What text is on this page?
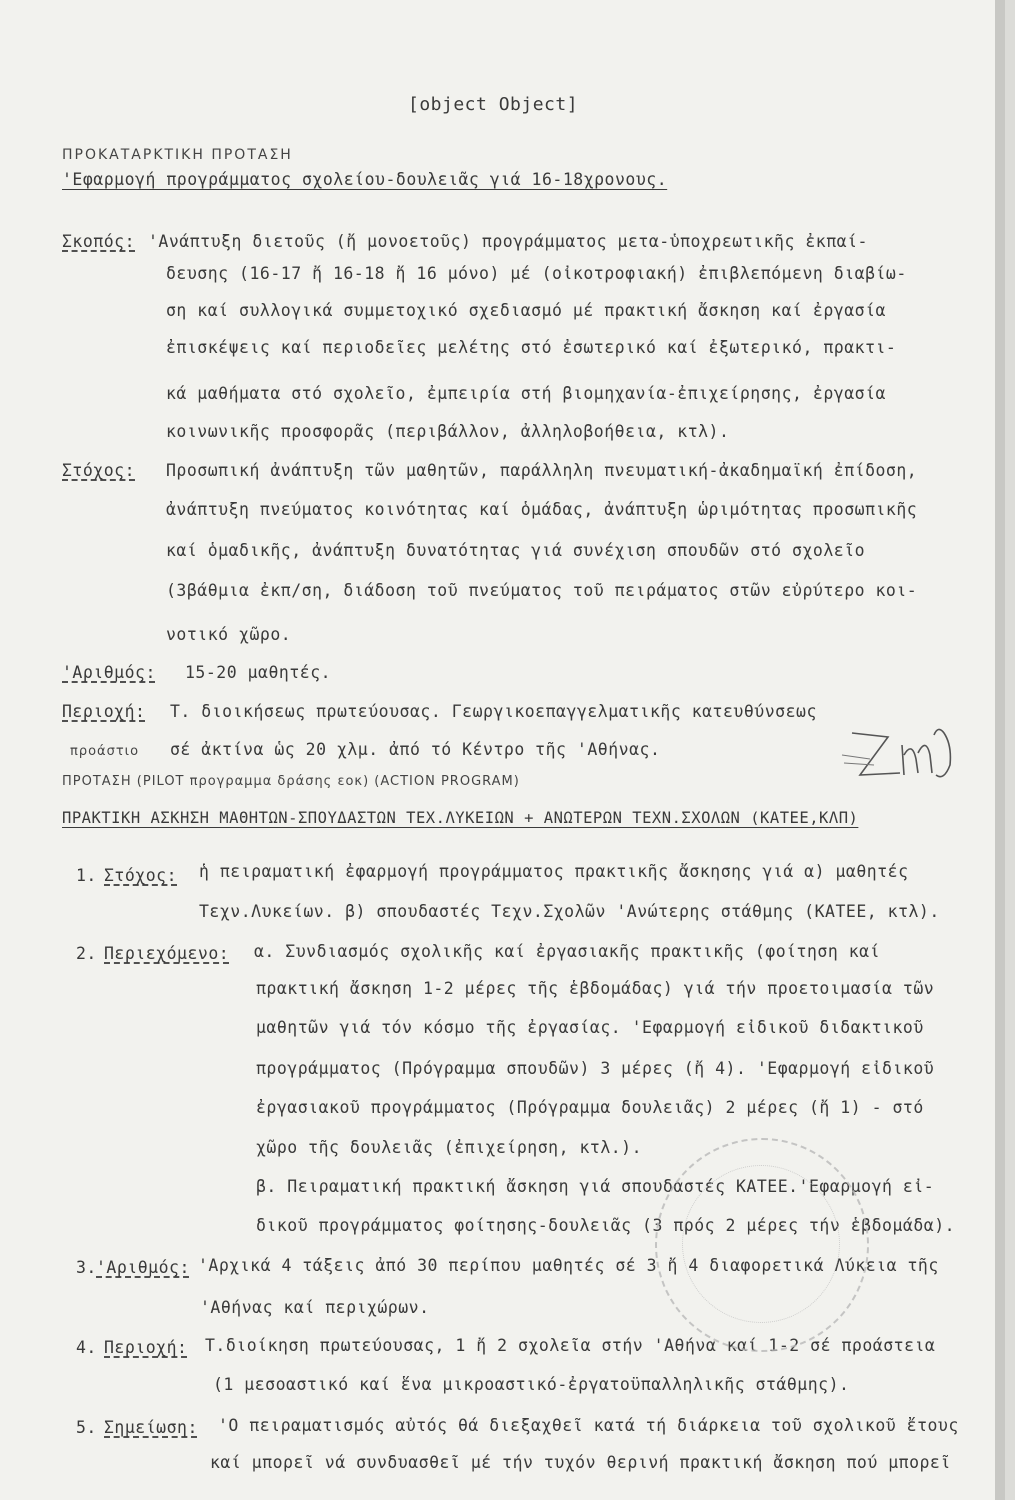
[object Object]
ΠΡΟΚΑΤΑΡΚΤΙΚΗ ΠΡΟΤΑΣΗ
'Εφαρμογή προγράμματος σχολείου-δουλειᾶς γιά 16-18χρονους.
Σκοπός: 'Ανάπτυξη διετοῦς (ἤ μονοετοῦς) προγράμματος μετα-ὑποχρεωτικῆς ἐκπαί-
δευσης (16-17 ἤ 16-18 ἤ 16 μόνο) μέ (οἰκοτροφιακή) ἐπιβλεπόμενη διαβίω-
ση καί συλλογικά συμμετοχικό σχεδιασμό μέ πρακτική ἄσκηση καί ἐργασία
ἐπισκέψεις καί περιοδεῖες μελέτης στό ἐσωτερικό καί ἐξωτερικό, πρακτι-
κά μαθήματα στό σχολεῖο, ἐμπειρία στή βιομηχανία-ἐπιχείρησης, ἐργασία
κοινωνικῆς προσφορᾶς (περιβάλλον, ἀλληλοβοήθεια, κτλ).
Στόχος: Προσωπική ἀνάπτυξη τῶν μαθητῶν, παράλληλη πνευματική-ἀκαδημαϊκή ἐπίδοση,
ἀνάπτυξη πνεύματος κοινότητας καί ὁμάδας, ἀνάπτυξη ὡριμότητας προσωπικῆς
καί ὁμαδικῆς, ἀνάπτυξη δυνατότητας γιά συνέχιση σπουδῶν στό σχολεῖο
(3βάθμια ἐκπ/ση, διάδοση τοῦ πνεύματος τοῦ πειράματος στῶν εὐρύτερο κοι-
νοτικό χῶρο.
'Αριθμός: 15-20 μαθητές.
Περιοχή: Τ. διοικήσεως πρωτεύουσας. Γεωργικοεπαγγελματικῆς κατευθύνσεως
προάστιο σέ ἀκτίνα ὡς 20 χλμ. ἀπό τό Κέντρο τῆς 'Αθήνας.
ΠΡΟΤΑΣΗ (PILOT προγραμμα δράσης εοκ) (ACTION PROGRAM)
ΠΡΑΚΤΙΚΗ ΑΣΚΗΣΗ ΜΑΘΗΤΩΝ-ΣΠΟΥΔΑΣΤΩΝ ΤΕΧ.ΛΥΚΕΙΩΝ + ΑΝΩΤΕΡΩΝ ΤΕΧΝ.ΣΧΟΛΩΝ (ΚΑΤΕΕ,ΚΛΠ)
1. Στόχος: ἡ πειραματική ἐφαρμογή προγράμματος πρακτικῆς ἄσκησης γιά α) μαθητές
Τεχν.Λυκείων. β) σπουδαστές Τεχν.Σχολῶν 'Ανώτερης στάθμης (ΚΑΤΕΕ, κτλ).
2. Περιεχόμενο: α. Συνδιασμός σχολικῆς καί ἐργασιακῆς πρακτικῆς (φοίτηση καί
πρακτική ἄσκηση 1-2 μέρες τῆς ἑβδομάδας) γιά τήν προετοιμασία τῶν
μαθητῶν γιά τόν κόσμο τῆς ἐργασίας. 'Εφαρμογή εἰδικοῦ διδακτικοῦ
προγράμματος (Πρόγραμμα σπουδῶν) 3 μέρες (ἤ 4). 'Εφαρμογή εἰδικοῦ
ἐργασιακοῦ προγράμματος (Πρόγραμμα δουλειᾶς) 2 μέρες (ἤ 1) - στό
χῶρο τῆς δουλειᾶς (ἐπιχείρηση, κτλ.).
β. Πειραματική πρακτική ἄσκηση γιά σπουδαστές ΚΑΤΕΕ.'Εφαρμογή εἰ-
δικοῦ προγράμματος φοίτησης-δουλειᾶς (3 πρός 2 μέρες τήν ἑβδομάδα).
3. 'Αριθμός: 'Αρχικά 4 τάξεις ἀπό 30 περίπου μαθητές σέ 3 ἤ 4 διαφορετικά Λύκεια τῆς
'Αθήνας καί περιχώρων.
4. Περιοχή: Τ.διοίκηση πρωτεύουσας, 1 ἤ 2 σχολεῖα στήν 'Αθήνα καί 1-2 σέ προάστεια
(1 μεσοαστικό καί ἕνα μικροαστικό-ἐργατοϋπαλληλικῆς στάθμης).
5. Σημείωση: 'Ο πειραματισμός αὐτός θά διεξαχθεῖ κατά τή διάρκεια τοῦ σχολικοῦ ἔτους
καί μπορεῖ νά συνδυασθεῖ μέ τήν τυχόν θερινή πρακτική ἄσκηση πού μπορεῖ
